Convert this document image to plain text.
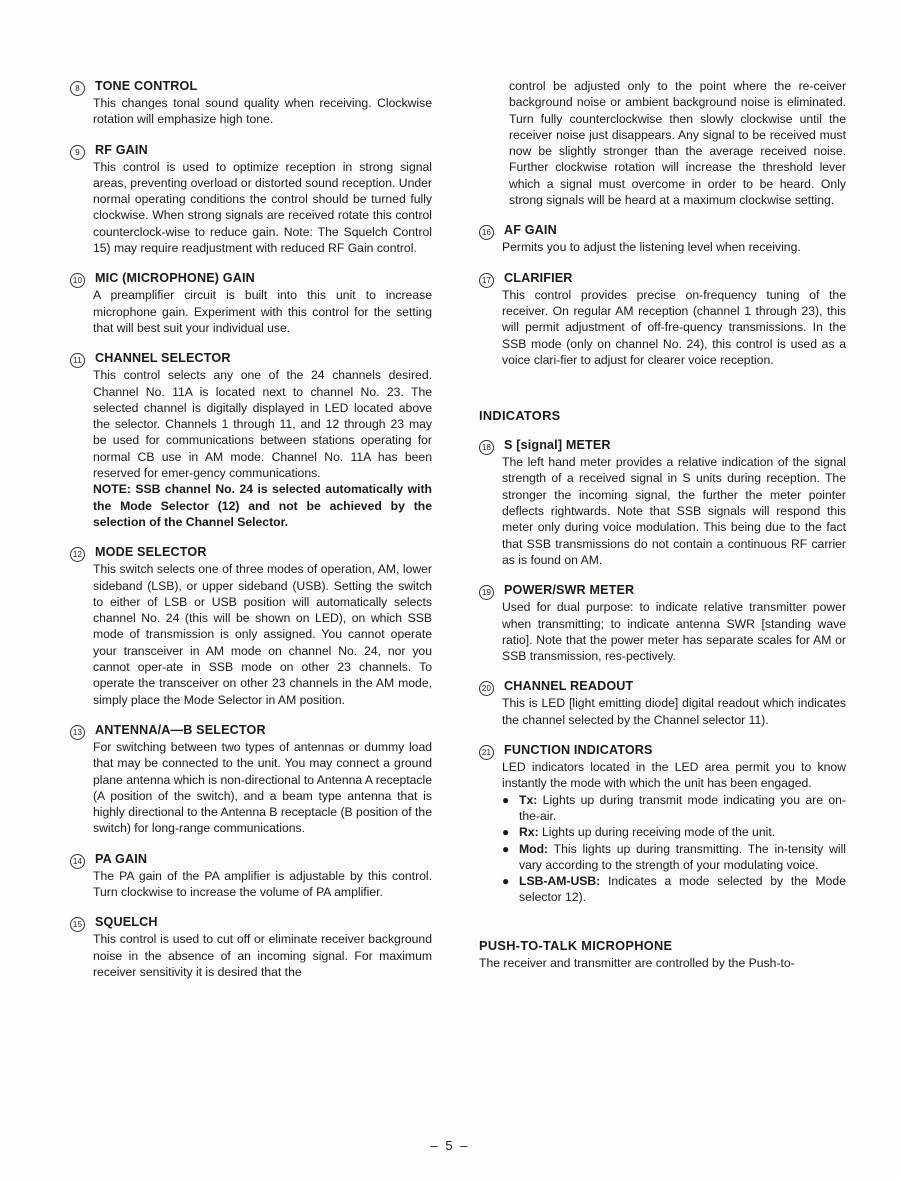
8	TONE CONTROL

This changes tonal sound quality when receiving. Clockwise rotation will emphasize high tone.

9	RF GAIN

This control is used to optimize reception in strong signal areas, preventing overload or distorted sound reception. Under normal operating conditions the control should be turned fully clockwise. When strong signals are received rotate this control counterclock-wise to reduce gain. Note: The Squelch Control 15) may require readjustment with reduced RF Gain control.

10 MIC (MICROPHONE) GAIN

A preamplifier circuit is built into this unit to increase microphone gain. Experiment with this control for the setting that will best suit your individual use.

11 CHANNEL SELECTOR

This control selects any one of the 24 channels desired. Channel No. 11A is located next to channel No. 23. The selected channel is digitally displayed in LED located above the selector. Channels 1 through 11, and 12 through 23 may be used for communications between stations operating for normal CB use in AM mode. Channel No. 11A has been reserved for emer-gency communications.

NOTE: SSB channel No. 24 is selected automatically with the Mode Selector (12) and not be achieved by the selection of the Channel Selector.

12 MODE SELECTOR

This switch selects one of three modes of operation, AM, lower sideband (LSB), or upper sideband (USB). Setting the switch to either of LSB or USB position will automatically selects channel No. 24 (this will be shown on LED), on which SSB mode of transmission is only assigned. You cannot operate your transceiver in AM mode on channel No. 24, nor you cannot oper-ate in SSB mode on other 23 channels. To operate the transceiver on other 23 channels in the AM mode, simply place the Mode Selector in AM position.

13 ANTENNA/A—B SELECTOR

For switching between two types of antennas or dummy load that may be connected to the unit. You may connect a ground plane antenna which is non-directional to Antenna A receptacle (A position of the switch), and a beam type antenna that is highly directional to the Antenna B receptacle (B position of the switch) for long-range communications.

14 PA GAIN

The PA gain of the PA amplifier is adjustable by this control. Turn clockwise to increase the volume of PA amplifier.

15 SQUELCH

This control is used to cut off or eliminate receiver background noise in the absence of an incoming signal. For maximum receiver sensitivity it is desired that the

control be adjusted only to the point where the re-ceiver background noise or ambient background noise is eliminated. Turn fully counterclockwise then slowly clockwise until the receiver noise just disappears. Any signal to be received must now be slightly stronger than the average received noise. Further clockwise rotation will increase the threshold lever which a signal must overcome in order to be heard. Only strong signals will be heard at a maximum clockwise setting.

16 AF GAIN

Permits you to adjust the listening level when receiving.

17 CLARIFIER

This control provides precise on-frequency tuning of the receiver. On regular AM reception (channel 1 through 23), this will permit adjustment of off-fre-quency transmissions. In the SSB mode (only on channel No. 24), this control is used as a voice clari-fier to adjust for clearer voice reception.

INDICATORS
18 S [signal] METER

The left hand meter provides a relative indication of the signal strength of a received signal in S units during reception. The stronger the incoming signal, the further the meter pointer deflects rightwards. Note that SSB signals will respond this meter only during voice modulation. This being due to the fact that SSB transmissions do not contain a continuous RF carrier as is found on AM.

19 POWER/SWR METER

Used for dual purpose: to indicate relative transmitter power when transmitting; to indicate antenna SWR [standing wave ratio]. Note that the power meter has separate scales for AM or SSB transmission, res-pectively.

20 CHANNEL READOUT

This is LED [light emitting diode] digital readout which indicates the channel selected by the Channel selector 11).

21 FUNCTION INDICATORS

LED indicators located in the LED area permit you to know instantly the mode with which the unit has been engaged.

● Tx: Lights up during transmit mode indicating you are on-the-air.
● Rx: Lights up during receiving mode of the unit.
● Mod: This lights up during transmitting. The in-tensity will vary according to the strength of your modulating voice.
● LSB-AM-USB: Indicates a mode selected by the Mode selector 12).
PUSH-TO-TALK MICROPHONE

The receiver and transmitter are controlled by the Push-to-

– 5 –
